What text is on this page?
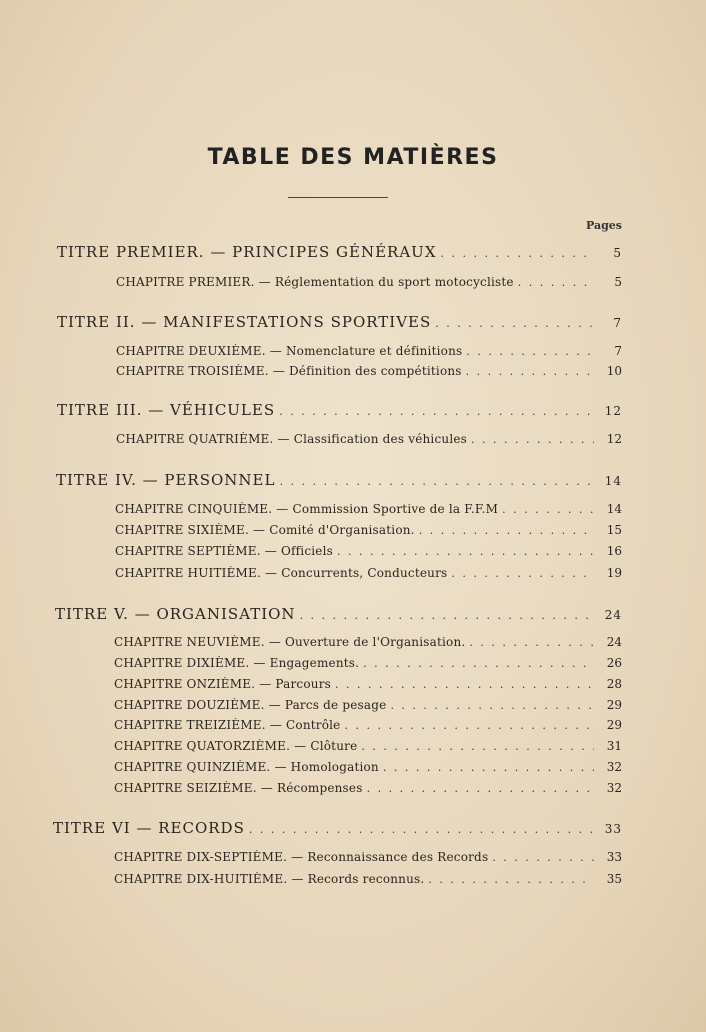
TABLE DES MATIÈRES
Pages
TITRE PREMIER. — PRINCIPES GÉNÉRAUX . . .	5
CHAPITRE PREMIER. — Réglementation du sport motocycliste . . .	5
TITRE II. — MANIFESTATIONS SPORTIVES . . .	7
CHAPITRE DEUXIÈME. — Nomenclature et définitions . . .	7
CHAPITRE TROISIÈME. — Définition des compétitions . . .	10
TITRE III. — VÉHICULES . . .	12
CHAPITRE QUATRIÈME. — Classification des véhicules . . .	12
TITRE IV. — PERSONNEL . . .	14
CHAPITRE CINQUIÈME. — Commission Sportive de la F.F.M . . .	14
CHAPITRE SIXIÈME. — Comité d'Organisation. . . .	15
CHAPITRE SEPTIÈME. — Officiels . . .	16
CHAPITRE HUITIÈME. — Concurrents, Conducteurs . . .	19
TITRE V. — ORGANISATION . . .	24
CHAPITRE NEUVIÈME. — Ouverture de l'Organisation. . . .	24
CHAPITRE DIXIÈME. — Engagements. . . .	26
CHAPITRE ONZIÈME. — Parcours . . .	28
CHAPITRE DOUZIÈME. — Parcs de pesage . . .	29
CHAPITRE TREIZIÈME. — Contrôle . . .	29
CHAPITRE QUATORZIÈME. — Clôture . . .	31
CHAPITRE QUINZIÈME. — Homologation . . .	32
CHAPITRE SEIZIÈME. — Récompenses . . .	32
TITRE VI — RECORDS . . .	33
CHAPITRE DIX-SEPTIÈME. — Reconnaissance des Records . . .	33
CHAPITRE DIX-HUITIÈME. — Records reconnus. . . .	35
